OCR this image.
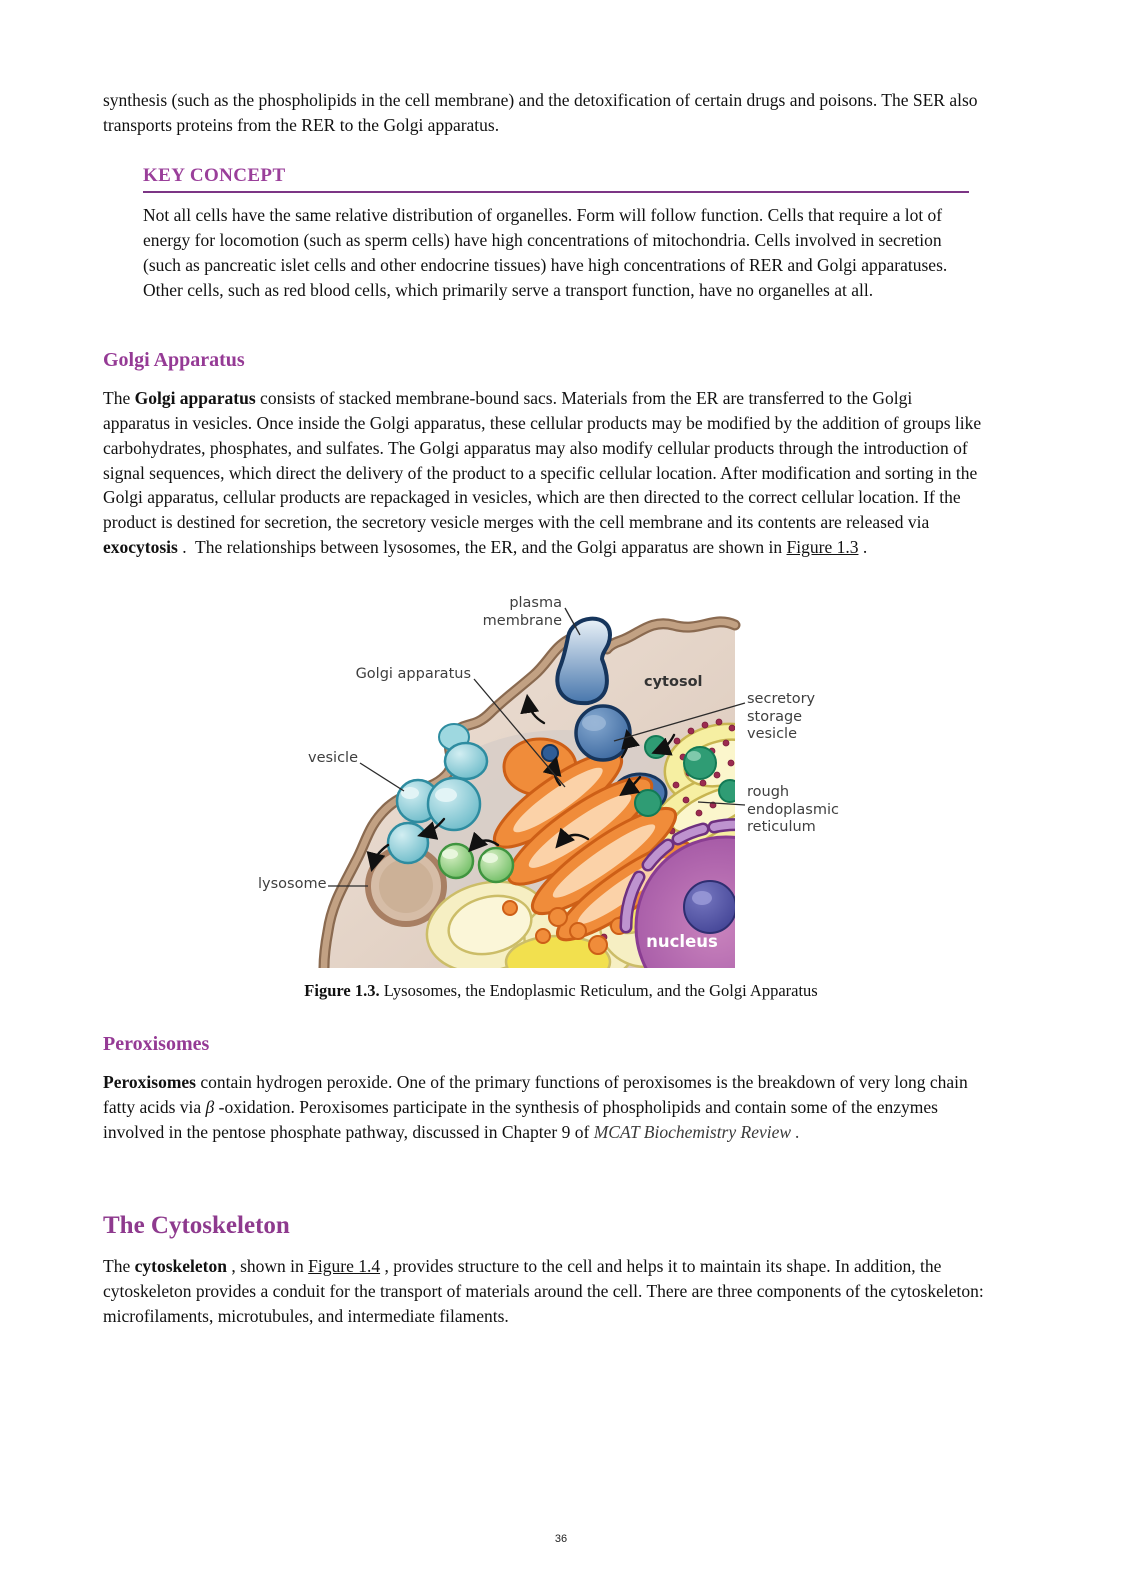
synthesis (such as the phospholipids in the cell membrane) and the detoxification of certain drugs and poisons. The SER also transports proteins from the RER to the Golgi apparatus.
KEY CONCEPT
Not all cells have the same relative distribution of organelles. Form will follow function. Cells that require a lot of energy for locomotion (such as sperm cells) have high concentrations of mitochondria. Cells involved in secretion (such as pancreatic islet cells and other endocrine tissues) have high concentrations of RER and Golgi apparatuses. Other cells, such as red blood cells, which primarily serve a transport function, have no organelles at all.
Golgi Apparatus
The Golgi apparatus consists of stacked membrane-bound sacs. Materials from the ER are transferred to the Golgi apparatus in vesicles. Once inside the Golgi apparatus, these cellular products may be modified by the addition of groups like carbohydrates, phosphates, and sulfates. The Golgi apparatus may also modify cellular products through the introduction of signal sequences, which direct the delivery of the product to a specific cellular location. After modification and sorting in the Golgi apparatus, cellular products are repackaged in vesicles, which are then directed to the correct cellular location. If the product is destined for secretion, the secretory vesicle merges with the cell membrane and its contents are released via exocytosis .  The relationships between lysosomes, the ER, and the Golgi apparatus are shown in Figure 1.3 .
nucleus
plasma membrane
Golgi apparatus	cytosol
secretory
storage vesicle
vesicle
rough
endoplasmic
reticulum
lysosome
Figure 1.3. Lysosomes, the Endoplasmic Reticulum, and the Golgi Apparatus
Peroxisomes
Peroxisomes contain hydrogen peroxide. One of the primary functions of peroxisomes is the breakdown of very long chain fatty acids via β -oxidation. Peroxisomes participate in the synthesis of phospholipids and contain some of the enzymes involved in the pentose phosphate pathway, discussed in Chapter 9 of MCAT Biochemistry Review .
The Cytoskeleton
The cytoskeleton , shown in Figure 1.4 , provides structure to the cell and helps it to maintain its shape. In addition, the cytoskeleton provides a conduit for the transport of materials around the cell. There are three components of the cytoskeleton: microfilaments, microtubules, and intermediate filaments.
36
